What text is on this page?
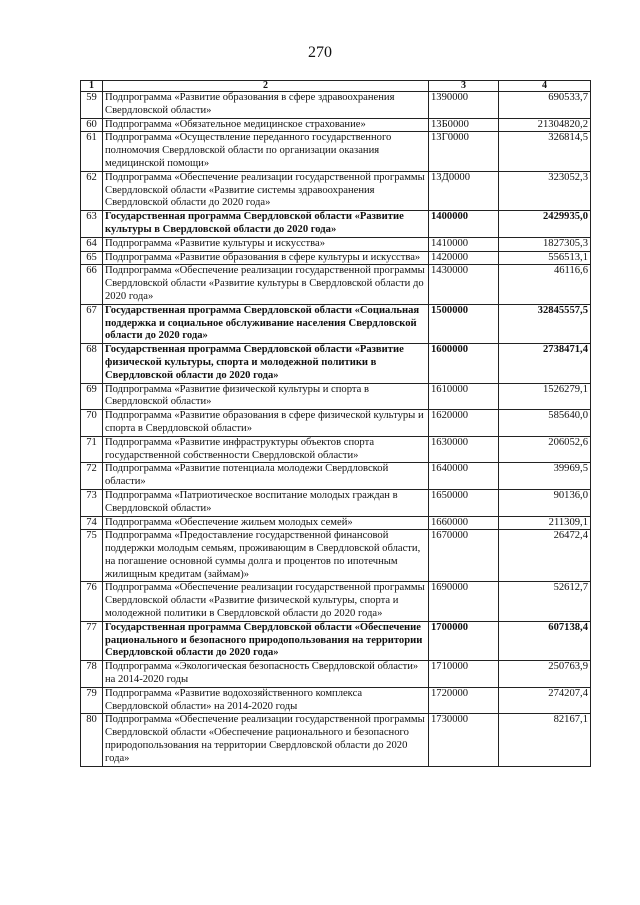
270
1	2	3	4
59	Подпрограмма «Развитие образования в сфере здравоохранения Свердловской области»	1390000	690533,7
60	Подпрограмма «Обязательное медицинское страхование»	13Б0000	21304820,2
61	Подпрограмма «Осуществление переданного государственного полномочия Свердловской области по организации оказания медицинской помощи»	13Г0000	326814,5
62	Подпрограмма «Обеспечение реализации государственной программы Свердловской области «Развитие системы здравоохранения Свердловской области до 2020 года»	13Д0000	323052,3
63	Государственная программа Свердловской области «Развитие культуры в Свердловской области до 2020 года»	1400000	2429935,0
64	Подпрограмма «Развитие культуры и искусства»	1410000	1827305,3
65	Подпрограмма «Развитие образования в сфере культуры и искусства»	1420000	556513,1
66	Подпрограмма «Обеспечение реализации государственной программы Свердловской области «Развитие культуры в Свердловской области до 2020 года»	1430000	46116,6
67	Государственная программа Свердловской области «Социальная поддержка и социальное обслуживание населения Свердловской области до 2020 года»	1500000	32845557,5
68	Государственная программа Свердловской области «Развитие физической культуры, спорта и молодежной политики в Свердловской области до 2020 года»	1600000	2738471,4
69	Подпрограмма «Развитие физической культуры и спорта в Свердловской области»	1610000	1526279,1
70	Подпрограмма «Развитие образования в сфере физической культуры и спорта в Свердловской области»	1620000	585640,0
71	Подпрограмма «Развитие инфраструктуры объектов спорта государственной собственности Свердловской области»	1630000	206052,6
72	Подпрограмма «Развитие потенциала молодежи Свердловской области»	1640000	39969,5
73	Подпрограмма «Патриотическое воспитание молодых граждан в Свердловской области»	1650000	90136,0
74	Подпрограмма «Обеспечение жильем молодых семей»	1660000	211309,1
75	Подпрограмма «Предоставление государственной финансовой поддержки молодым семьям, проживающим в Свердловской области, на погашение основной суммы долга и процентов по ипотечным жилищным кредитам (займам)»	1670000	26472,4
76	Подпрограмма «Обеспечение реализации государственной программы Свердловской области «Развитие физической культуры, спорта и молодежной политики в Свердловской области до 2020 года»	1690000	52612,7
77	Государственная программа Свердловской области «Обеспечение рационального и безопасного природопользования на территории Свердловской области до 2020 года»	1700000	607138,4
78	Подпрограмма «Экологическая безопасность Свердловской области» на 2014-2020 годы	1710000	250763,9
79	Подпрограмма «Развитие водохозяйственного комплекса Свердловской области» на 2014-2020 годы	1720000	274207,4
80	Подпрограмма «Обеспечение реализации государственной программы Свердловской области «Обеспечение рационального и безопасного природопользования на территории Свердловской области до 2020 года»	1730000	82167,1
